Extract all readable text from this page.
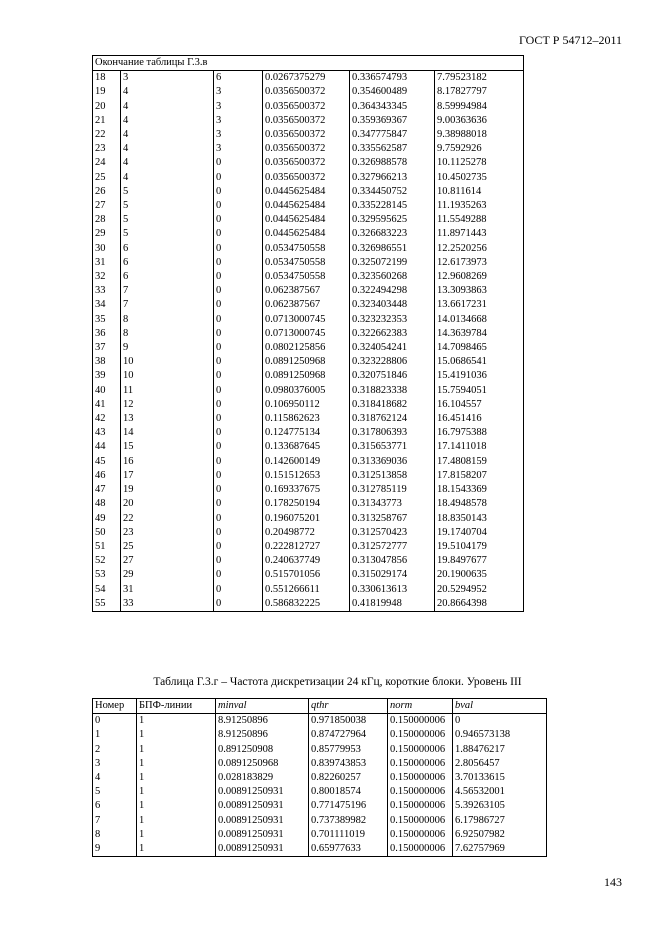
ГОСТ Р 54712–2011
Окончание таблицы Г.3.в					
18	3	6	0.0267375279	0.336574793	7.79523182
19	4	3	0.0356500372	0.354600489	8.17827797
20	4	3	0.0356500372	0.364343345	8.59994984
21	4	3	0.0356500372	0.359369367	9.00363636
22	4	3	0.0356500372	0.347775847	9.38988018
23	4	3	0.0356500372	0.335562587	9.7592926
24	4	0	0.0356500372	0.326988578	10.1125278
25	4	0	0.0356500372	0.327966213	10.4502735
26	5	0	0.0445625484	0.334450752	10.811614
27	5	0	0.0445625484	0.335228145	11.1935263
28	5	0	0.0445625484	0.329595625	11.5549288
29	5	0	0.0445625484	0.326683223	11.8971443
30	6	0	0.0534750558	0.326986551	12.2520256
31	6	0	0.0534750558	0.325072199	12.6173973
32	6	0	0.0534750558	0.323560268	12.9608269
33	7	0	0.062387567	0.322494298	13.3093863
34	7	0	0.062387567	0.323403448	13.6617231
35	8	0	0.0713000745	0.323232353	14.0134668
36	8	0	0.0713000745	0.322662383	14.3639784
37	9	0	0.0802125856	0.324054241	14.7098465
38	10	0	0.0891250968	0.323228806	15.0686541
39	10	0	0.0891250968	0.320751846	15.4191036
40	11	0	0.0980376005	0.318823338	15.7594051
41	12	0	0.106950112	0.318418682	16.104557
42	13	0	0.115862623	0.318762124	16.451416
43	14	0	0.124775134	0.317806393	16.7975388
44	15	0	0.133687645	0.315653771	17.1411018
45	16	0	0.142600149	0.313369036	17.4808159
46	17	0	0.151512653	0.312513858	17.8158207
47	19	0	0.169337675	0.312785119	18.1543369
48	20	0	0.178250194	0.31343773	18.4948578
49	22	0	0.196075201	0.313258767	18.8350143
50	23	0	0.20498772	0.312570423	19.1740704
51	25	0	0.222812727	0.312572777	19.5104179
52	27	0	0.240637749	0.313047856	19.8497677
53	29	0	0.515701056	0.315029174	20.1900635
54	31	0	0.551266611	0.330613613	20.5294952
55	33	0	0.586832225	0.41819948	20.8664398
Таблица Г.3.г – Частота дискретизации 24 кГц, короткие блоки. Уровень III
Номер	БПФ-линии	minval	qthr	norm	bval
0	1	8.91250896	0.971850038	0.150000006	0
1	1	8.91250896	0.874727964	0.150000006	0.946573138
2	1	0.891250908	0.85779953	0.150000006	1.88476217
3	1	0.0891250968	0.839743853	0.150000006	2.8056457
4	1	0.028183829	0.82260257	0.150000006	3.70133615
5	1	0.00891250931	0.80018574	0.150000006	4.56532001
6	1	0.00891250931	0.771475196	0.150000006	5.39263105
7	1	0.00891250931	0.737389982	0.150000006	6.17986727
8	1	0.00891250931	0.701111019	0.150000006	6.92507982
9	1	0.00891250931	0.65977633	0.150000006	7.62757969
143
